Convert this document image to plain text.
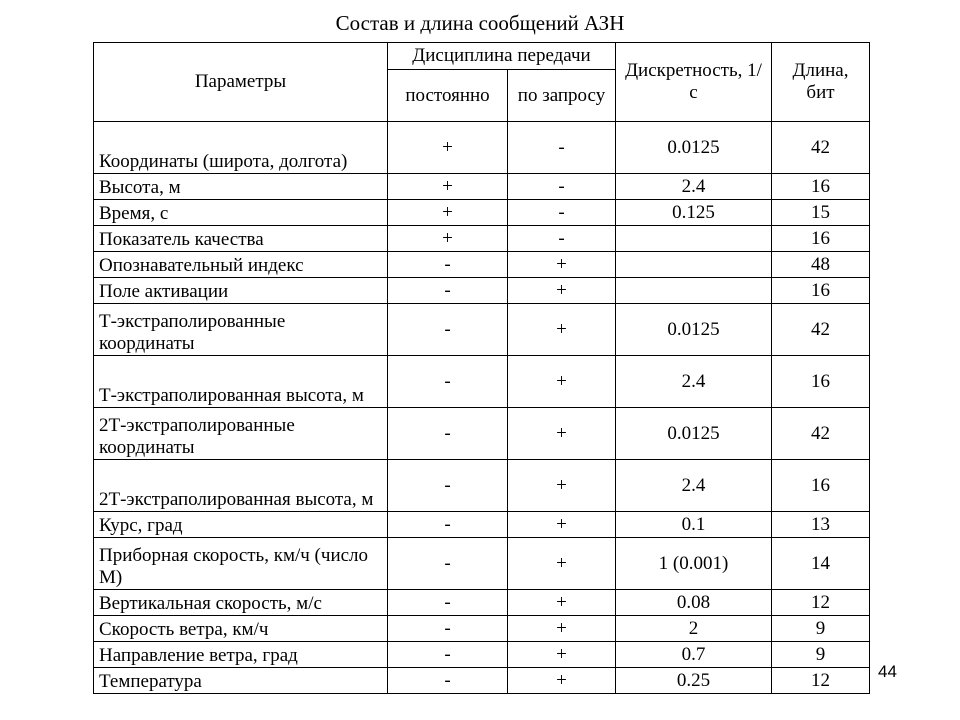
Состав и длина сообщений АЗН
Параметры	Дисциплина передачи		Дискретность, 1/с	Длина, бит
	постоянно	по запросу		
Координаты (широта, долгота)	+	-	0.0125	42
Высота, м	+	-	2.4	16
Время, с	+	-	0.125	15
Показатель качества	+	-		16
Опознавательный индекс	-	+		48
Поле активации	-	+		16
Т-экстраполированные координаты	-	+	0.0125	42
Т-экстраполированная высота, м	-	+	2.4	16
2Т-экстраполированные координаты	-	+	0.0125	42
2Т-экстраполированная высота, м	-	+	2.4	16
Курс, град	-	+	0.1	13
Приборная скорость, км/ч (число М)	-	+	1 (0.001)	14
Вертикальная скорость, м/с	-	+	0.08	12
Скорость ветра, км/ч	-	+	2	9
Направление ветра, град	-	+	0.7	9
Температура	-	+	0.25	12	44
